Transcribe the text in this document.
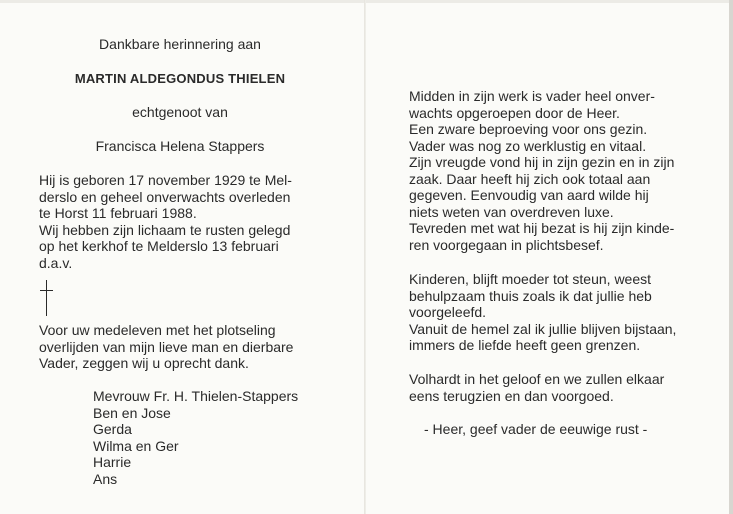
Dankbare herinnering aan

MARTIN ALDEGONDUS THIELEN

echtgenoot van

Francisca Helena Stappers

Hij is geboren 17 november 1929 te Mel-
derslo en geheel onverwachts overleden
te Horst 11 februari 1988.
Wij hebben zijn lichaam te rusten gelegd
op het kerkhof te Melderslo 13 februari
d.a.v.
Voor uw medeleven met het plotseling
overlijden van mijn lieve man en dierbare
Vader, zeggen wij u oprecht dank.
Mevrouw Fr. H. Thielen-Stappers
Ben en Jose
Gerda
Wilma en Ger
Harrie
Ans
Midden in zijn werk is vader heel onver-
wachts opgeroepen door de Heer.
Een zware beproeving voor ons gezin.
Vader was nog zo werklustig en vitaal.
Zijn vreugde vond hij in zijn gezin en in zijn
zaak. Daar heeft hij zich ook totaal aan
gegeven. Eenvoudig van aard wilde hij
niets weten van overdreven luxe.
Tevreden met wat hij bezat is hij zijn kinde-
ren voorgegaan in plichtsbesef.
Kinderen, blijft moeder tot steun, weest
behulpzaam thuis zoals ik dat jullie heb
voorgeleefd.
Vanuit de hemel zal ik jullie blijven bijstaan,
immers de liefde heeft geen grenzen.
Volhardt in het geloof en we zullen elkaar
eens terugzien en dan voorgoed.

- Heer, geef vader de eeuwige rust -
